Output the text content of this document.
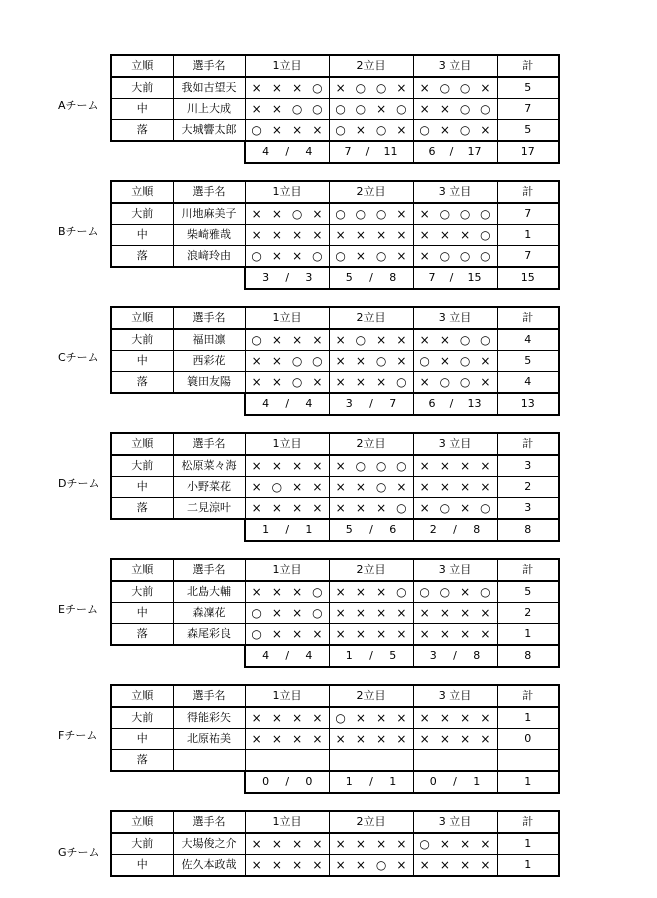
Aチーム
立順	選手名	1立目	2立目	3 立目	計
大前	我如古望天	× × × ○	× ○ ○ ×	× ○ ○ ×	5
中	川上大成	× × ○ ○	○ ○ × ○	× × ○ ○	7
落	大城響太郎	○ × × ×	○ × ○ ×	○ × ○ ×	5

		4 / 4	7 / 11	6 / 17	17
Bチーム
立順	選手名	1立目	2立目	3 立目	計
大前	川地麻美子	× × ○ ×	○ ○ ○ ×	× ○ ○ ○	7
中	柴崎雅哉	× × × ×	× × × ×	× × × ○	1
落	浪﨑玲由	○ × × ○	○ × ○ ×	× ○ ○ ○	7

		3 / 3	5 / 8	7 / 15	15
Cチーム
立順	選手名	1立目	2立目	3 立目	計
大前	福田凛	○ × × ×	× ○ × ×	× × ○ ○	4
中	西彩花	× × ○ ○	× × ○ ×	○ × ○ ×	5
落	簑田友陽	× × ○ ×	× × × ○	× ○ ○ ×	4

		4 / 4	3 / 7	6 / 13	13
Dチーム
立順	選手名	1立目	2立目	3 立目	計
大前	松原菜々海	× × × ×	× ○ ○ ○	× × × ×	3
中	小野菜花	× ○ × ×	× × ○ ×	× × × ×	2
落	二見涼叶	× × × ×	× × × ○	× ○ × ○	3

		1 / 1	5 / 6	2 / 8	8
Eチーム
立順	選手名	1立目	2立目	3 立目	計
大前	北島大輔	× × × ○	× × × ○	○ ○ × ○	5
中	森凜花	○ × × ○	× × × ×	× × × ×	2
落	森尾彩良	○ × × ×	× × × ×	× × × ×	1

		4 / 4	1 / 5	3 / 8	8
Fチーム
立順	選手名	1立目	2立目	3 立目	計
大前	得能彩矢	× × × ×	○ × × ×	× × × ×	1
中	北原祐美	× × × ×	× × × ×	× × × ×	0
落		

		0 / 0	1 / 1	0 / 1	1
Gチーム
立順	選手名	1立目	2立目	3 立目	計
大前	大場俊之介	× × × ×	× × × ×	○ × × ×	1
中	佐久本政哉	× × × ×	× × ○ ×	× × × ×	1
